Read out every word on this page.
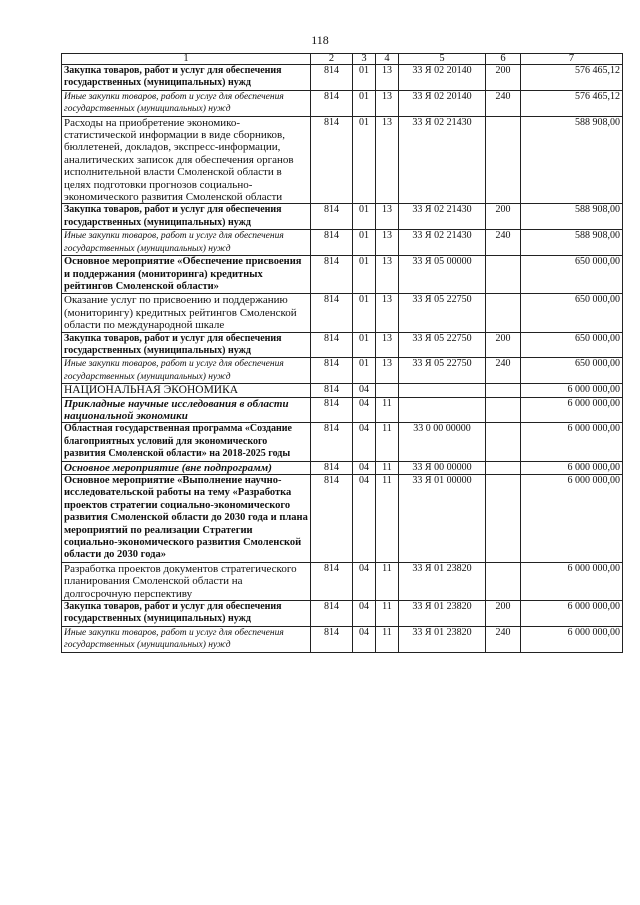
118
1	2	3	4	5	6	7
Закупка товаров, работ и услуг для обеспечения государственных (муниципальных) нужд	814	01	13	33 Я 02 20140	200	576 465,12
Иные закупки товаров, работ и услуг для обеспечения государственных (муниципальных) нужд	814	01	13	33 Я 02 20140	240	576 465,12
Расходы на приобретение экономико-статистической информации в виде сборников, бюллетеней, докладов, экспресс-информации, аналитических записок для обеспечения органов исполнительной власти Смоленской области в целях подготовки прогнозов социально-экономического развития Смоленской области	814	01	13	33 Я 02 21430		588 908,00
Закупка товаров, работ и услуг для обеспечения государственных (муниципальных) нужд	814	01	13	33 Я 02 21430	200	588 908,00
Иные закупки товаров, работ и услуг для обеспечения государственных (муниципальных) нужд	814	01	13	33 Я 02 21430	240	588 908,00
Основное мероприятие «Обеспечение присвоения и поддержания (мониторинга) кредитных рейтингов Смоленской области»	814	01	13	33 Я 05 00000		650 000,00
Оказание услуг по присвоению и поддержанию (мониторингу) кредитных рейтингов Смоленской области по международной шкале	814	01	13	33 Я 05 22750		650 000,00
Закупка товаров, работ и услуг для обеспечения государственных (муниципальных) нужд	814	01	13	33 Я 05 22750	200	650 000,00
Иные закупки товаров, работ и услуг для обеспечения государственных (муниципальных) нужд	814	01	13	33 Я 05 22750	240	650 000,00
НАЦИОНАЛЬНАЯ ЭКОНОМИКА	814	04				6 000 000,00
Прикладные научные исследования в области национальной экономики	814	04	11			6 000 000,00
Областная государственная программа «Создание благоприятных условий для экономического развития Смоленской области» на 2018-2025 годы	814	04	11	33 0 00 00000		6 000 000,00
Основное мероприятие (вне подпрограмм)	814	04	11	33 Я 00 00000		6 000 000,00
Основное мероприятие «Выполнение научно-исследовательской работы на тему «Разработка проектов стратегии социально-экономического развития Смоленской области до 2030 года и плана мероприятий по реализации Стратегии социально-экономического развития Смоленской области до 2030 года»	814	04	11	33 Я 01 00000		6 000 000,00
Разработка проектов документов стратегического планирования Смоленской области на долгосрочную перспективу	814	04	11	33 Я 01 23820		6 000 000,00
Закупка товаров, работ и услуг для обеспечения государственных (муниципальных) нужд	814	04	11	33 Я 01 23820	200	6 000 000,00
Иные закупки товаров, работ и услуг для обеспечения государственных (муниципальных) нужд	814	04	11	33 Я 01 23820	240	6 000 000,00
